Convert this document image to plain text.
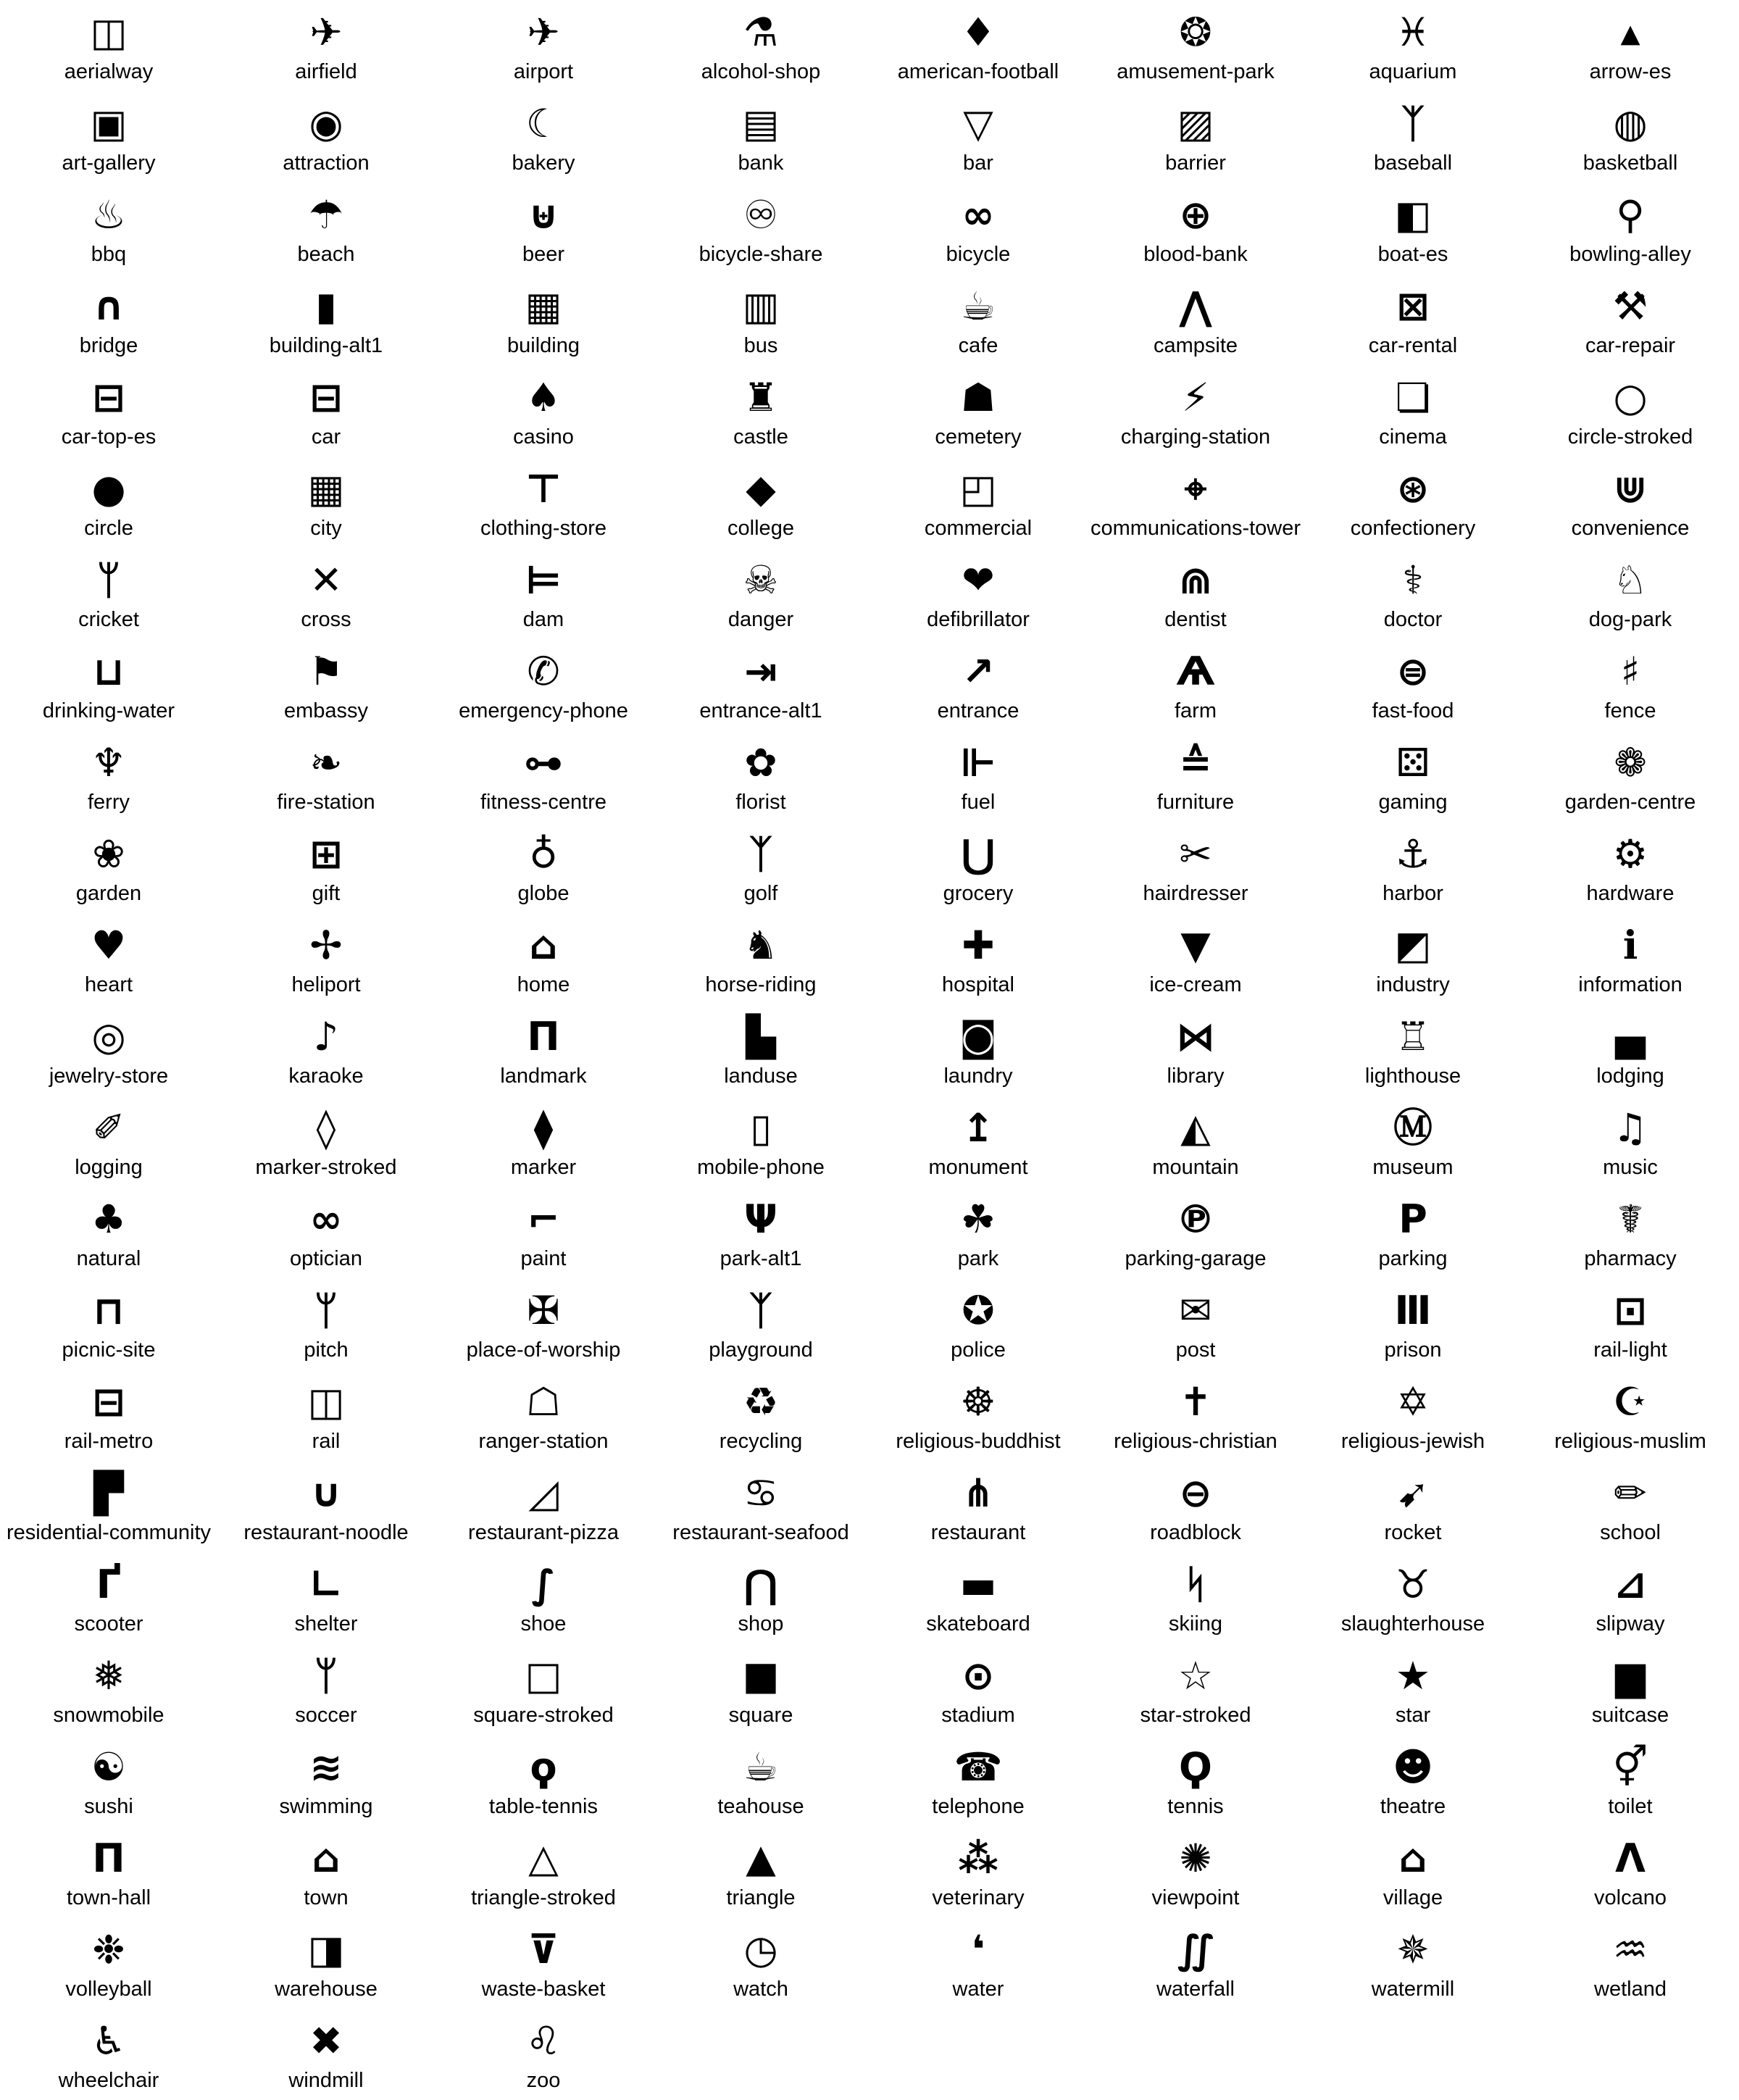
◫
aerialway
✈
airfield
✈
airport
⚗
alcohol-shop
♦
american-football
❂
amusement-park
♓
aquarium
▴
arrow-es
▣
art-gallery
◉
attraction
☾
bakery
▤
bank
▽
bar
▨
barrier
ᛉ
baseball
◍
basketball
♨
bbq
☂
beach
⊎
beer
♾
bicycle-share
∞
bicycle
⊕
blood-bank
◧
boat-es
⚲
bowling-alley
∩
bridge
▮
building-alt1
▦
building
▥
bus
☕
cafe
⋀
campsite
⊠
car-rental
⚒
car-repair
⊟
car-top-es
⊟
car
♠
casino
♜
castle
☗
cemetery
⚡
charging-station
❏
cinema
○
circle-stroked
●
circle
▦
city
⊤
clothing-store
◆
college
◰
commercial
⌖
communications-tower
⊛
confectionery
⋓
convenience
ᛘ
cricket
✕
cross
⊨
dam
☠
danger
❤
defibrillator
⋒
dentist
⚕
doctor
♘
dog-park
⊔
drinking-water
⚑
embassy
✆
emergency-phone
⇥
entrance-alt1
↗
entrance
Ѧ
farm
⊜
fast-food
♯
fence
♆
ferry
❧
fire-station
⊶
fitness-centre
✿
florist
⊩
fuel
≙
furniture
⚄
gaming
❁
garden-centre
❀
garden
⊞
gift
♁
globe
ᛉ
golf
⋃
grocery
✂
hairdresser
⚓
harbor
⚙
hardware
♥
heart
✢
heliport
⌂
home
♞
horse-riding
✚
hospital
▼
ice-cream
◩
industry
ℹ
information
◎
jewelry-store
♪
karaoke
Π
landmark
▙
landuse
◙
laundry
⋈
library
♖
lighthouse
▄
lodging
✐
logging
◊
marker-stroked
⧫
marker
▯
mobile-phone
↥
monument
◭
mountain
Ⓜ
museum
♫
music
♣
natural
∞
optician
⌐
paint
Ψ
park-alt1
☘
park
℗
parking-garage
P
parking
☤
pharmacy
⊓
picnic-site
ᛘ
pitch
✠
place-of-worship
ᛉ
playground
✪
police
✉
post
Ⅲ
prison
⊡
rail-light
⊟
rail-metro
◫
rail
☖
ranger-station
♻
recycling
☸
religious-buddhist
✝
religious-christian
✡
religious-jewish
☪
religious-muslim
▛
residential-community
∪
restaurant-noodle
◿
restaurant-pizza
♋
restaurant-seafood
⋔
restaurant
⊖
roadblock
➹
rocket
✏
school
Ґ
scooter
∟
shelter
∫
shoe
⋂
shop
▬
skateboard
ᛋ
skiing
♉
slaughterhouse
⊿
slipway
❅
snowmobile
ᛘ
soccer
□
square-stroked
■
square
⊙
stadium
☆
star-stroked
★
star
▆
suitcase
☯
sushi
≋
swimming
ϙ
table-tennis
☕
teahouse
☎
telephone
Ϙ
tennis
☻
theatre
⚥
toilet
Π
town-hall
⌂
town
△
triangle-stroked
▲
triangle
⁂
veterinary
✺
viewpoint
⌂
village
Ʌ
volcano
❉
volleyball
◨
warehouse
⊽
waste-basket
◷
watch
❛
water
∬
waterfall
✵
watermill
♒
wetland
♿
wheelchair
✖
windmill
♌
zoo
